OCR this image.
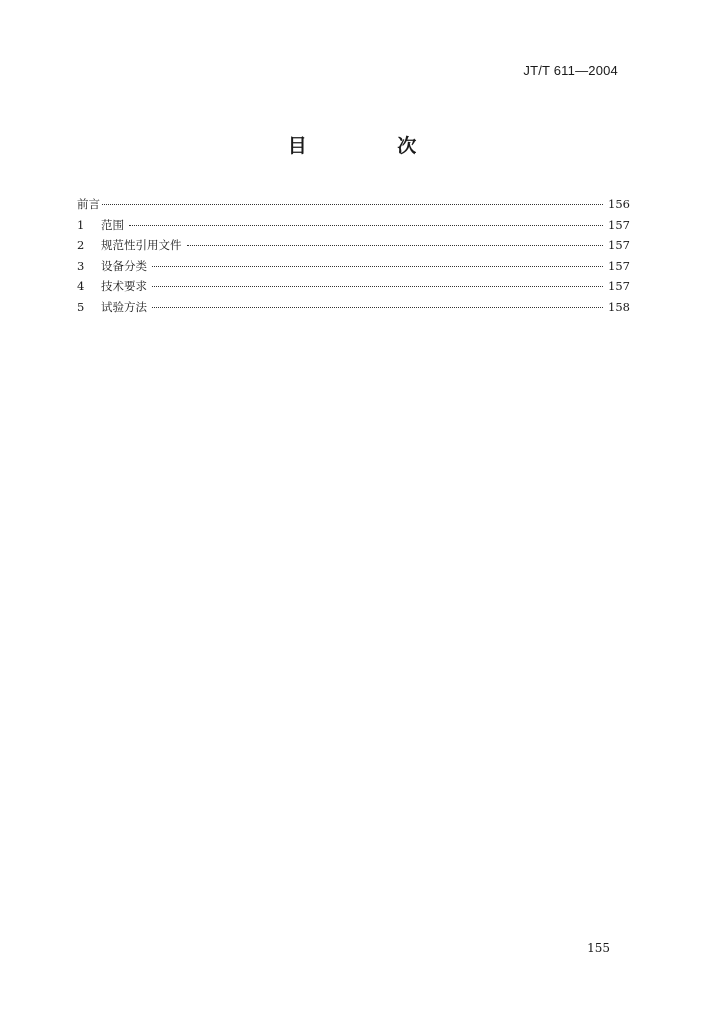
JT/T 611—2004
目 次
前言	156
1 范围	157
2 规范性引用文件	157
3 设备分类	157
4 技术要求	157
5 试验方法	158
155
